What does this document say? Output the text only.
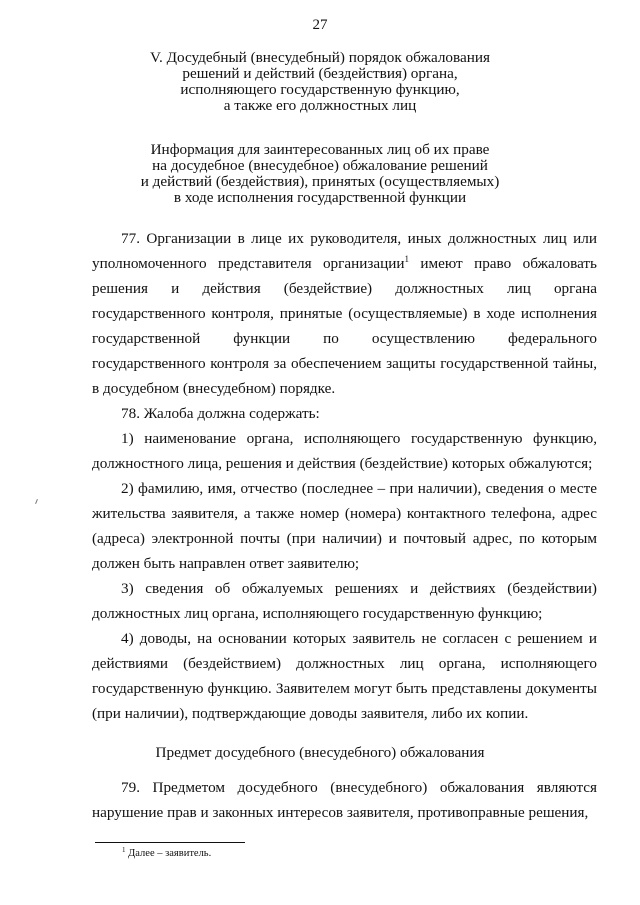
27
V. Досудебный (внесудебный) порядок обжалования
решений и действий (бездействия) органа,
исполняющего государственную функцию,
а также его должностных лиц
Информация для заинтересованных лиц об их праве
на досудебное (внесудебное) обжалование решений
и действий (бездействия), принятых (осуществляемых)
в ходе исполнения государственной функции

77. Организации в лице их руководителя, иных должностных лиц или уполномоченного представителя организации$^1$ имеют право обжаловать решения и действия (бездействие) должностных лиц органа государственного контроля, принятые (осуществляемые) в ходе исполнения государственной функции по осуществлению федерального государственного контроля за обеспечением защиты государственной тайны, в досудебном (внесудебном) порядке.

78. Жалоба должна содержать:

1) наименование органа, исполняющего государственную функцию, должностного лица, решения и действия (бездействие) которых обжалуются;

2) фамилию, имя, отчество (последнее – при наличии), сведения о месте жительства заявителя, а также номер (номера) контактного телефона, адрес (адреса) электронной почты (при наличии) и почтовый адрес, по которым должен быть направлен ответ заявителю;

3) сведения об обжалуемых решениях и действиях (бездействии) должностных лиц органа, исполняющего государственную функцию;

4) доводы, на основании которых заявитель не согласен с решением и действиями (бездействием) должностных лиц органа, исполняющего государственную функцию. Заявителем могут быть представлены документы (при наличии), подтверждающие доводы заявителя, либо их копии.

Предмет досудебного (внесудебного) обжалования

79. Предметом досудебного (внесудебного) обжалования являются нарушение прав и законных интересов заявителя, противоправные решения,

$^1$ Далее – заявитель.
